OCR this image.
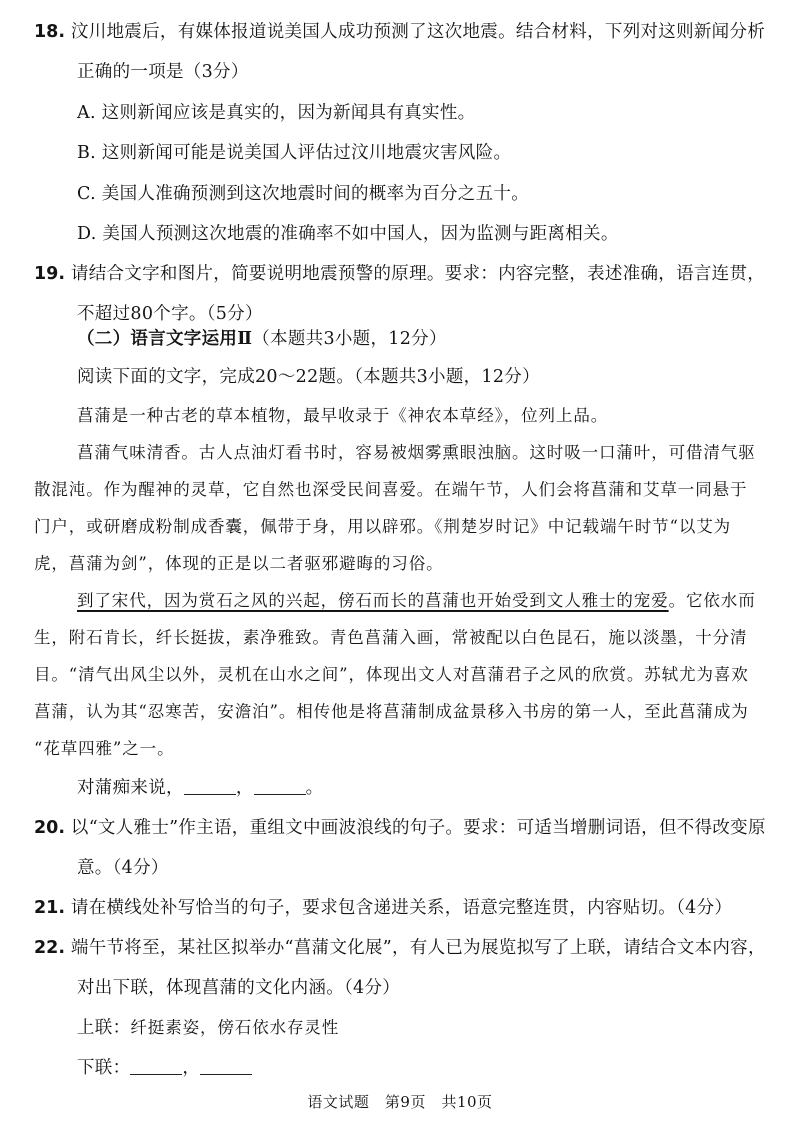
18. 汶川地震后，有媒体报道说美国人成功预测了这次地震。结合材料，下列对这则新闻分析
正确的一项是（3分）
A. 这则新闻应该是真实的，因为新闻具有真实性。
B. 这则新闻可能是说美国人评估过汶川地震灾害风险。
C. 美国人准确预测到这次地震时间的概率为百分之五十。
D. 美国人预测这次地震的准确率不如中国人，因为监测与距离相关。
19. 请结合文字和图片，简要说明地震预警的原理。要求：内容完整，表述准确，语言连贯，
不超过80个字。（5分）
（二）语言文字运用Ⅱ（本题共3小题，12分）
阅读下面的文字，完成20～22题。（本题共3小题，12分）
菖蒲是一种古老的草本植物，最早收录于《神农本草经》，位列上品。
菖蒲气味清香。古人点油灯看书时，容易被烟雾熏眼浊脑。这时吸一口蒲叶，可借清气驱
散混沌。作为醒神的灵草，它自然也深受民间喜爱。在端午节，人们会将菖蒲和艾草一同悬于
门户，或研磨成粉制成香囊，佩带于身，用以辟邪。《荆楚岁时记》中记载端午时节“以艾为
虎，菖蒲为剑”，体现的正是以二者驱邪避晦的习俗。
到了宋代，因为赏石之风的兴起，傍石而长的菖蒲也开始受到文人雅士的宠爱。它依水而
生，附石肯长，纤长挺拔，素净雅致。青色菖蒲入画，常被配以白色昆石，施以淡墨，十分清
目。“清气出风尘以外，灵机在山水之间”，体现出文人对菖蒲君子之风的欣赏。苏轼尤为喜欢
菖蒲，认为其“忍寒苦，安澹泊”。相传他是将菖蒲制成盆景移入书房的第一人，至此菖蒲成为
“花草四雅”之一。
对蒲痴来说，	，	。
20. 以“文人雅士”作主语，重组文中画波浪线的句子。要求：可适当增删词语，但不得改变原
意。（4分）
21. 请在横线处补写恰当的句子，要求包含递进关系，语意完整连贯，内容贴切。（4分）
22. 端午节将至，某社区拟举办“菖蒲文化展”，有人已为展览拟写了上联，请结合文本内容，
对出下联，体现菖蒲的文化内涵。（4分）
上联：纤挺素姿，傍石依水存灵性
下联：	，
语文试题　第9页　共10页
